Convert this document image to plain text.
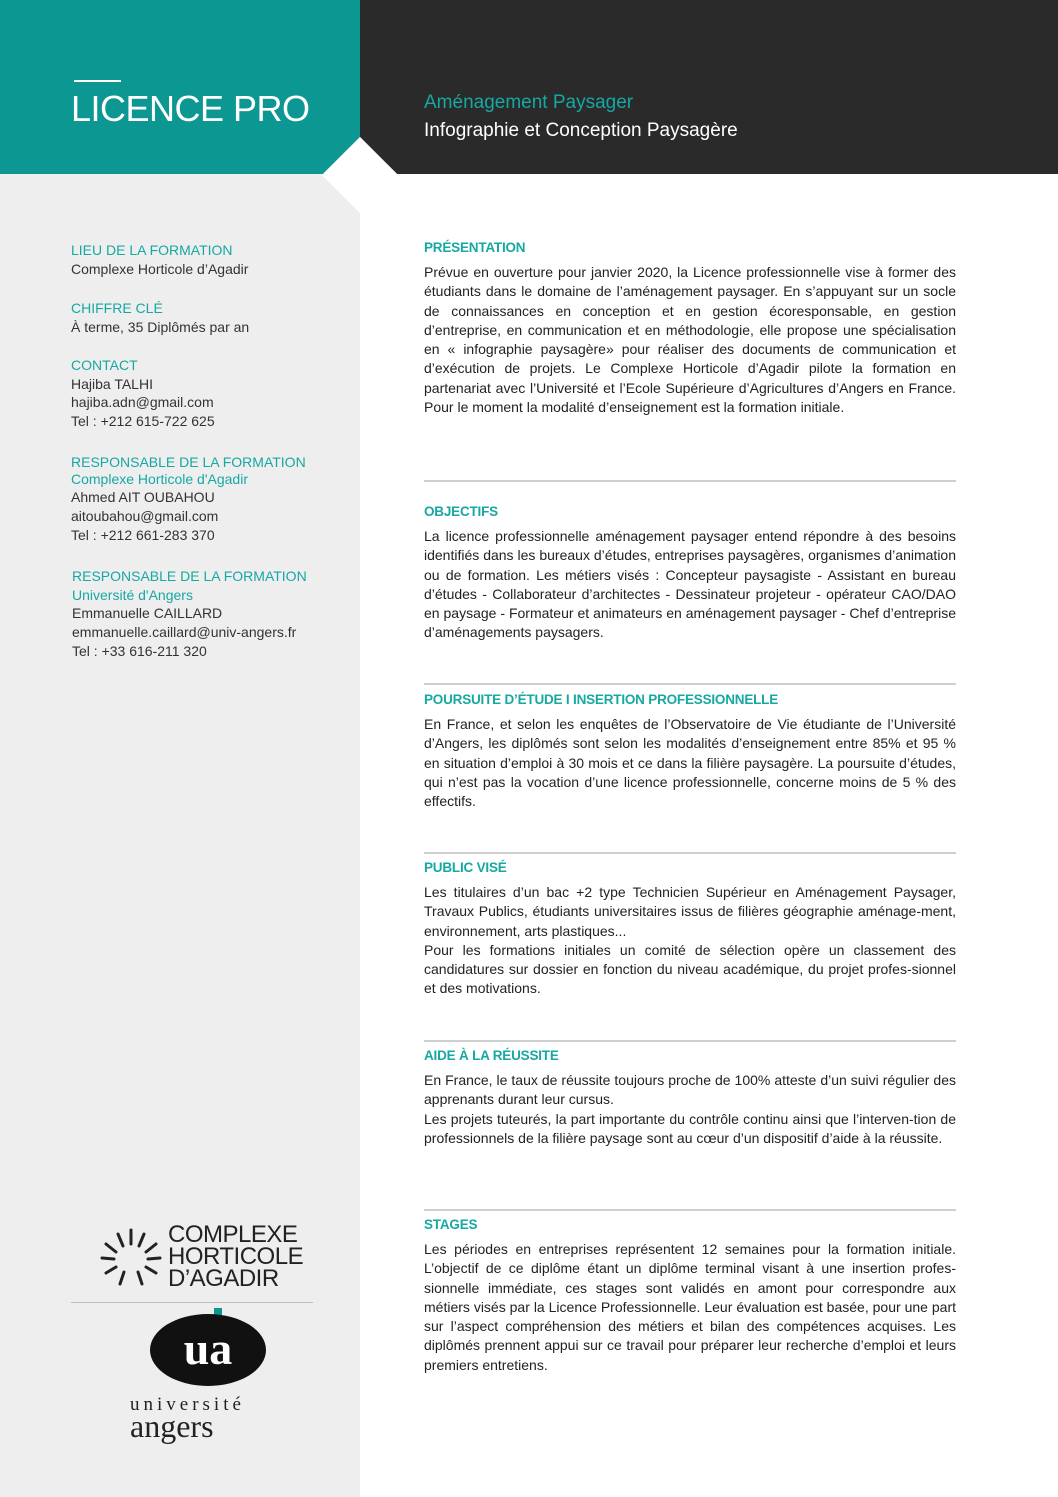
LICENCE PRO	Aménagement Paysager
Infographie et Conception Paysagère
LIEU DE LA FORMATION
Complexe Horticole d’Agadir
CHIFFRE CLÉ
À terme, 35 Diplômés par an
CONTACT
Hajiba TALHI
hajiba.adn@gmail.com
Tel : +212 615-722 625
RESPONSABLE DE LA FORMATION
Complexe Horticole d'Agadir
Ahmed AIT OUBAHOU
aitoubahou@gmail.com
Tel : +212 661-283 370
RESPONSABLE DE LA FORMATION
Université d'Angers
Emmanuelle CAILLARD
emmanuelle.caillard@univ-angers.fr
Tel : +33 616-211 320
COMPLEXE
HORTICOLE
D’AGADIR
ua
université
angers
PRÉSENTATION
Prévue en ouverture pour janvier 2020, la Licence professionnelle vise à former des étudiants dans le domaine de l’aménagement paysager. En s’appuyant sur un socle de connaissances en conception et en gestion écoresponsable, en gestion d’entreprise, en communication et en méthodologie, elle propose une spécialisation en « infographie paysagère» pour réaliser des documents de communication et d’exécution de projets. Le Complexe Horticole d’Agadir pilote la formation en partenariat avec l’Université et l’Ecole Supérieure d’Agricultures d’Angers en France. Pour le moment la modalité d’enseignement est la formation initiale.
OBJECTIFS
La licence professionnelle aménagement paysager entend répondre à des besoins identifiés dans les bureaux d’études, entreprises paysagères, organismes d’animation ou de formation. Les métiers visés : Concepteur paysagiste - Assistant en bureau d’études - Collaborateur d’architectes - Dessinateur projeteur - opérateur CAO/DAO en paysage - Formateur et animateurs en aménagement paysager - Chef d’entreprise d’aménagements paysagers.
POURSUITE D’ÉTUDE I INSERTION PROFESSIONNELLE
En France, et selon les enquêtes de l’Observatoire de Vie étudiante de l’Université d’Angers, les diplômés sont selon les modalités d’enseignement entre 85% et 95 % en situation d’emploi à 30 mois et ce dans la filière paysagère. La poursuite d’études, qui n’est pas la vocation d’une licence professionnelle, concerne moins de 5 % des effectifs.
PUBLIC VISÉ

Les titulaires d’un bac +2 type Technicien Supérieur en Aménagement Paysager, Travaux Publics, étudiants universitaires issus de filières géographie aménage-ment, environnement, arts plastiques...

Pour les formations initiales un comité de sélection opère un classement des candidatures sur dossier en fonction du niveau académique, du projet profes-sionnel et des motivations.

AIDE À LA RÉUSSITE

En France, le taux de réussite toujours proche de 100% atteste d’un suivi régulier des apprenants durant leur cursus.

Les projets tuteurés, la part importante du contrôle continu ainsi que l’interven-tion de professionnels de la filière paysage sont au cœur d’un dispositif d’aide à la réussite.

STAGES
Les périodes en entreprises représentent 12 semaines pour la formation initiale. L’objectif de ce diplôme étant un diplôme terminal visant à une insertion profes-sionnelle immédiate, ces stages sont validés en amont pour correspondre aux métiers visés par la Licence Professionnelle. Leur évaluation est basée, pour une part sur l’aspect compréhension des métiers et bilan des compétences acquises. Les diplômés prennent appui sur ce travail pour préparer leur recherche d’emploi et leurs premiers entretiens.
